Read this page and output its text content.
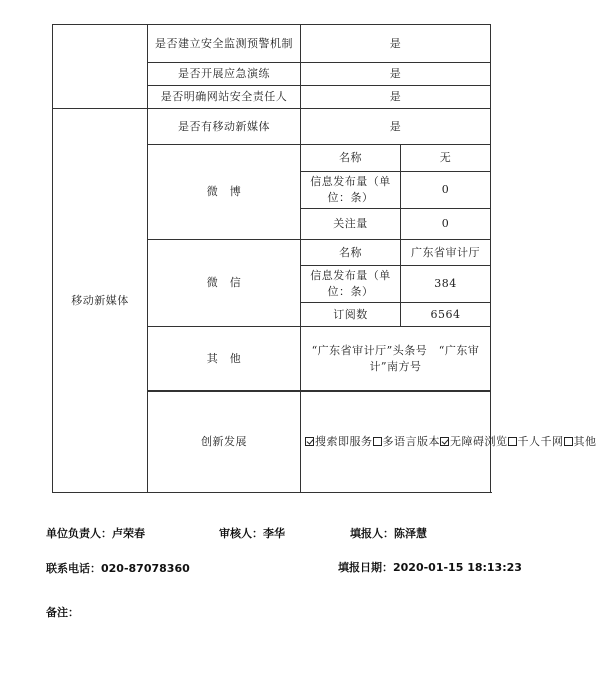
	是否建立安全监测预警机制	是	
	是否开展应急演练	是	
	是否明确网站安全责任人	是	
移动新媒体	是否有移动新媒体	是	
	微　博	名称	无
		信息发布量（单位：条）	0
		关注量	0
	微　信	名称	广东省审计厅
		信息发布量（单位：条）	384
		订阅数	6564
	其　他	“广东省审计厅”头条号　“广东审计”南方号	

	创新发展	搜索即服务 多语言版本 无障碍浏览 千人千网 其他	
单位负责人：卢荣春	审核人：李华	填报人：陈泽慧
联系电话：020-87078360	填报日期：2020-01-15 18:13:23
备注：
